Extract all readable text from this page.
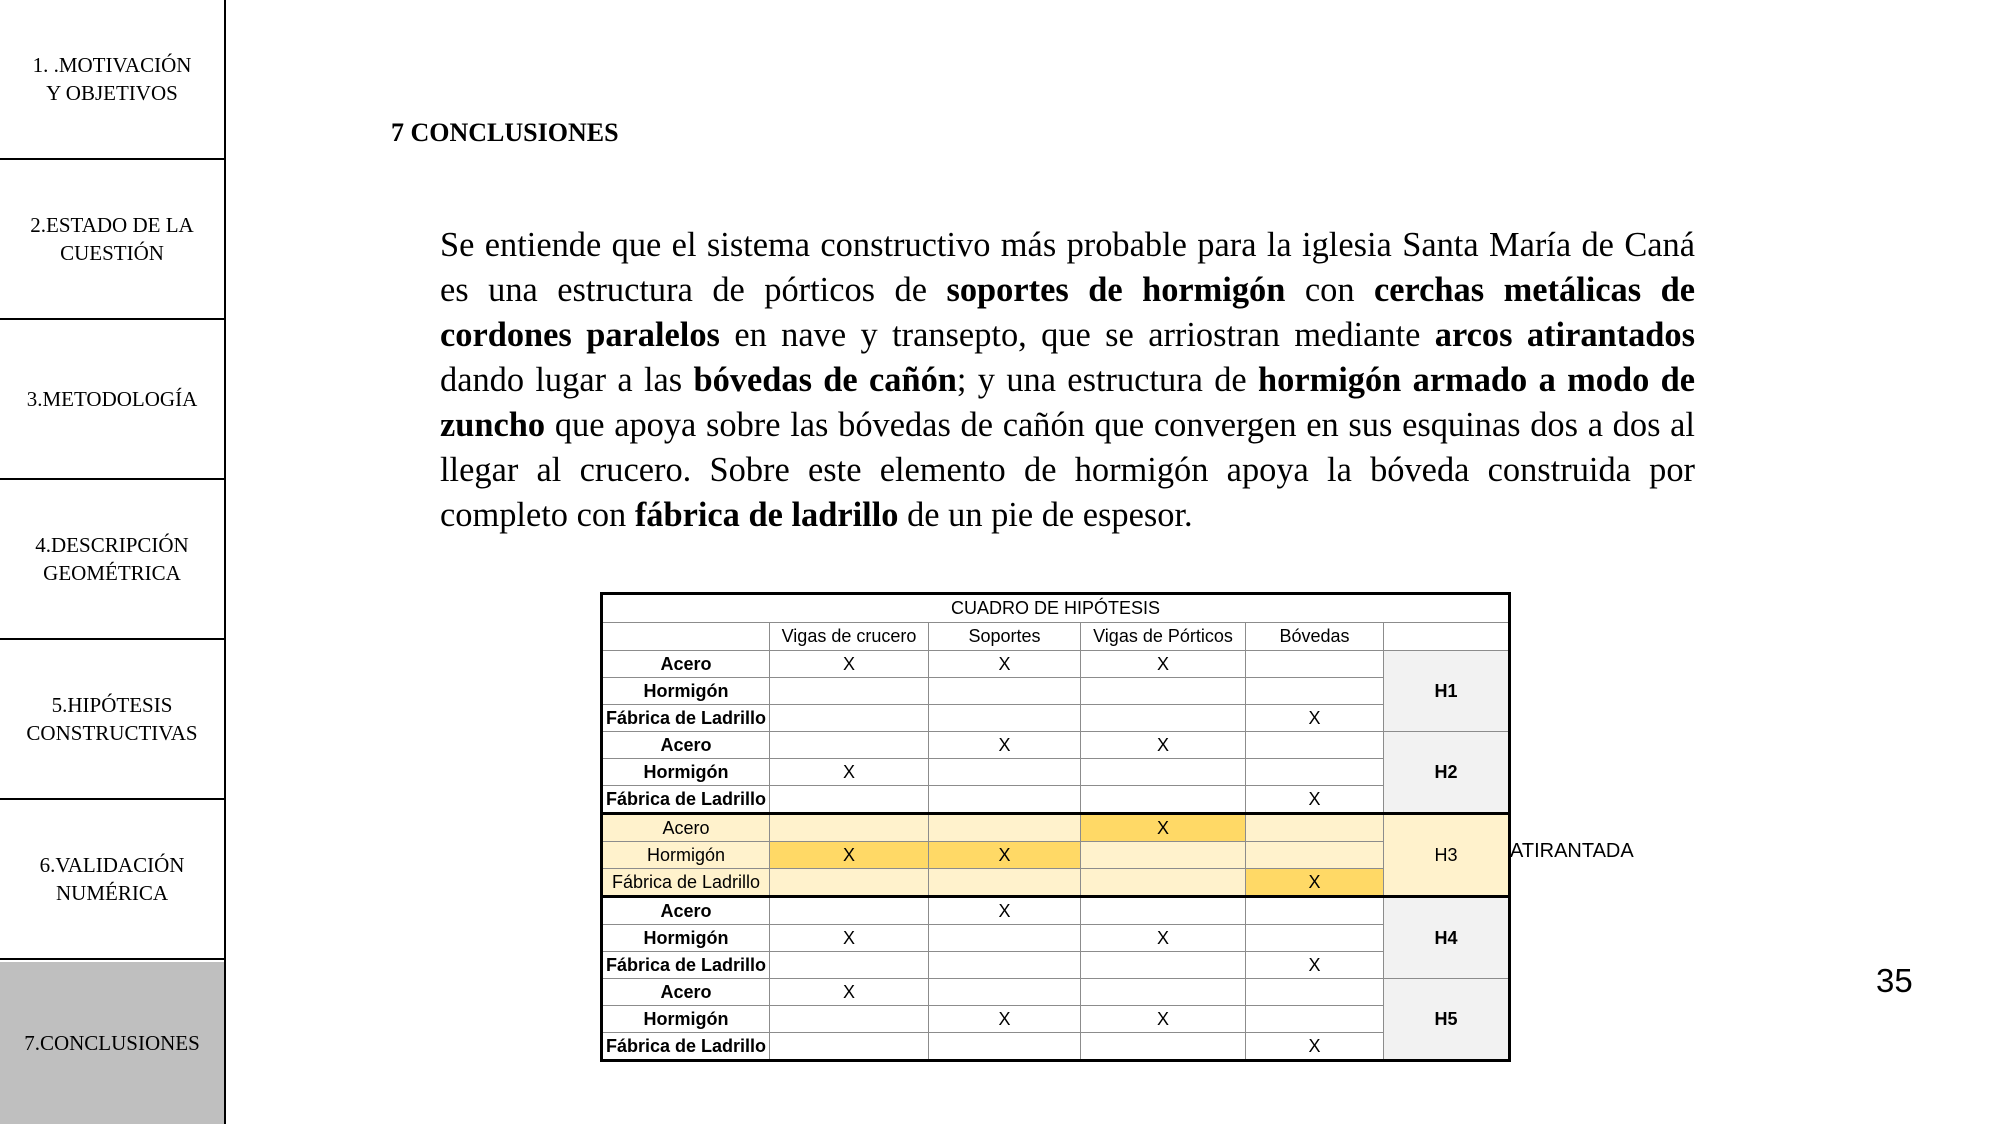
1. .MOTIVACIÓN
Y OBJETIVOS
2.ESTADO DE LA
CUESTIÓN
3.METODOLOGÍA
4.DESCRIPCIÓN
GEOMÉTRICA
5.HIPÓTESIS
CONSTRUCTIVAS
6.VALIDACIÓN
NUMÉRICA
7.CONCLUSIONES
7 CONCLUSIONES
Se entiende que el sistema constructivo más probable para la iglesia Santa María de Caná es una estructura de pórticos de soportes de hormigón con cerchas metálicas de cordones paralelos en nave y transepto, que se arriostran mediante arcos atirantados dando lugar a las bóvedas de cañón; y una estructura de hormigón armado a modo de zuncho que apoya sobre las bóvedas de cañón que convergen en sus esquinas dos a dos al llegar al crucero. Sobre este elemento de hormigón apoya la bóveda construida por completo con fábrica de ladrillo de un pie de espesor.
CUADRO DE HIPÓTESIS					
	Vigas de crucero	Soportes	Vigas de Pórticos	Bóvedas	
Acero	X	X	X		H1
Hormigón					
Fábrica de Ladrillo				X	
Acero		X	X		H2
Hormigón	X				
Fábrica de Ladrillo				X	
Acero			X		H3
Hormigón	X	X			
Fábrica de Ladrillo				X	
Acero		X			H4
Hormigón	X		X		
Fábrica de Ladrillo				X	
Acero	X				H5
Hormigón		X	X		
Fábrica de Ladrillo				X	
ATIRANTADA
35
